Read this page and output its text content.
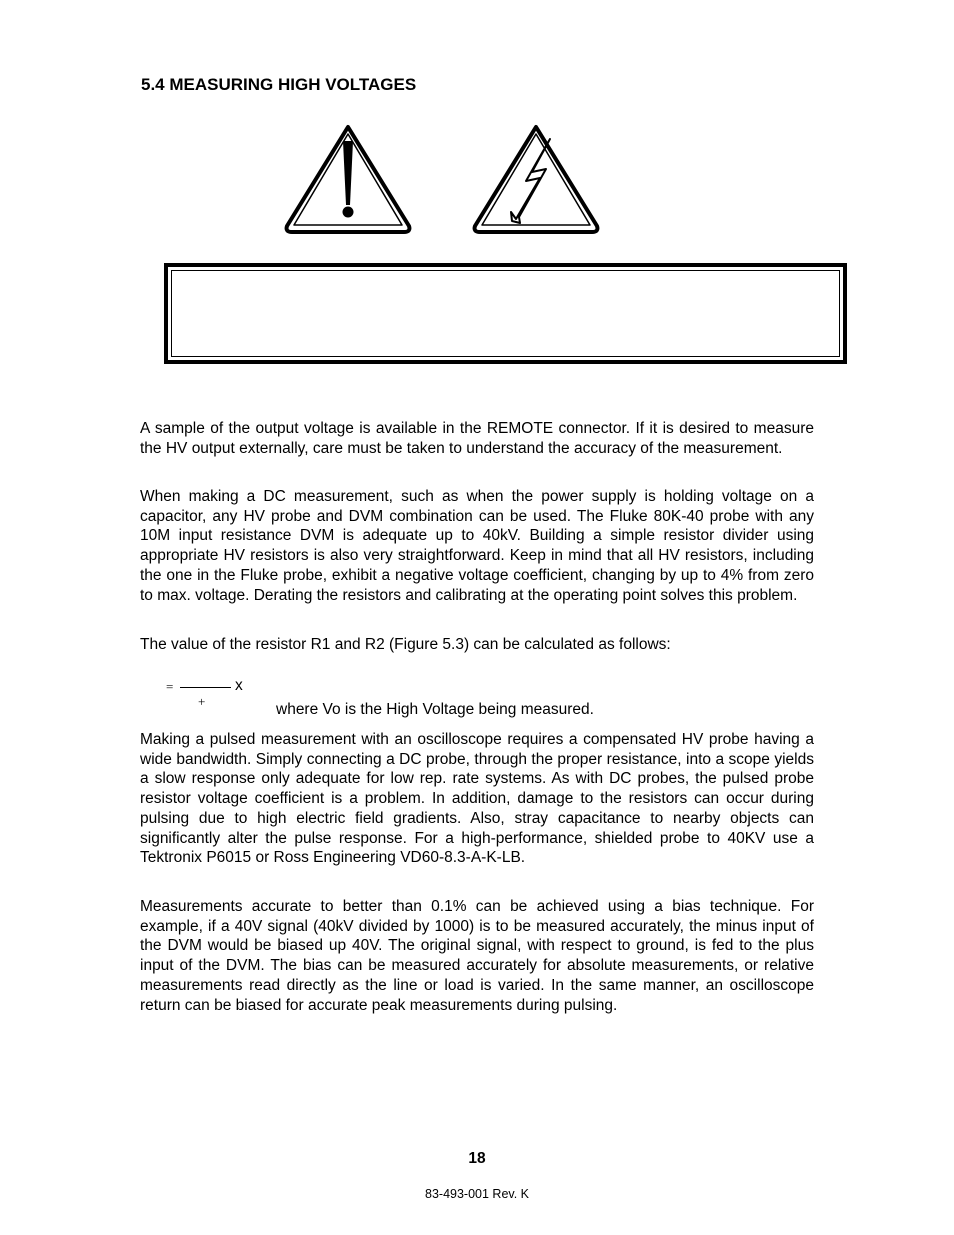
5.4 MEASURING HIGH VOLTAGES

A sample of the output voltage is available in the REMOTE connector. If it is desired to measure the HV output externally, care must be taken to understand the accuracy of the measurement.

When making a DC measurement, such as when the power supply is holding voltage on a capacitor, any HV probe and DVM combination can be used. The Fluke 80K-40 probe with any 10M input resistance DVM is adequate up to 40kV. Building a simple resistor divider using appropriate HV resistors is also very straightforward. Keep in mind that all HV resistors, including the one in the Fluke probe, exhibit a negative voltage coefficient, changing by up to 4% from zero to max. voltage. Derating the resistors and calibrating at the operating point solves this problem.

The value of the resistor R1 and R2 (Figure 5.3) can be calculated as follows:

=	x
+	where Vo is the High Voltage being measured.

Making a pulsed measurement with an oscilloscope requires a compensated HV probe having a wide bandwidth. Simply connecting a DC probe, through the proper resistance, into a scope yields a slow response only adequate for low rep. rate systems. As with DC probes, the pulsed probe resistor voltage coefficient is a problem. In addition, damage to the resistors can occur during pulsing due to high electric field gradients. Also, stray capacitance to nearby objects can significantly alter the pulse response. For a high-performance, shielded probe to 40KV use a Tektronix P6015 or Ross Engineering VD60-8.3-A-K-LB.

Measurements accurate to better than 0.1% can be achieved using a bias technique. For example, if a 40V signal (40kV divided by 1000) is to be measured accurately, the minus input of the DVM would be biased up 40V. The original signal, with respect to ground, is fed to the plus input of the DVM. The bias can be measured accurately for absolute measurements, or relative measurements read directly as the line or load is varied. In the same manner, an oscilloscope return can be biased for accurate peak measurements during pulsing.

18
83-493-001 Rev. K
